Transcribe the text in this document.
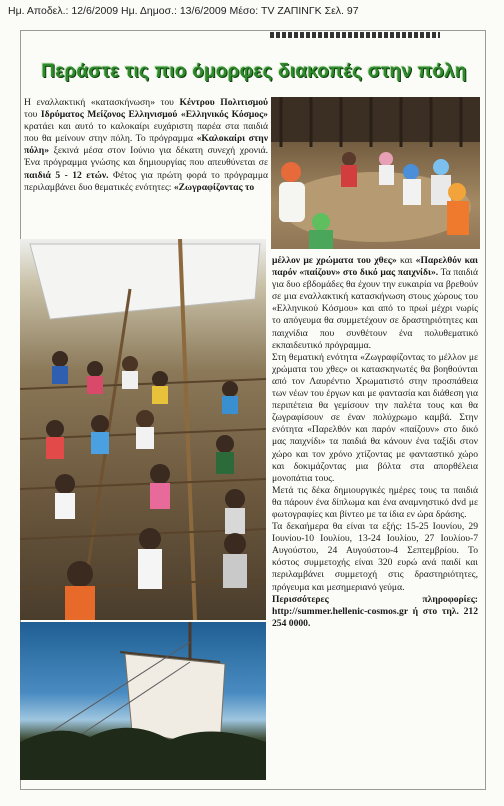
Ημ. Αποδελ.: 12/6/2009 Ημ. Δημοσ.: 13/6/2009 Μέσο: TV ΖΑΠΙΝΓΚ Σελ. 97
Περάστε τις πιο όμορφες διακοπές στην πόλη

Η εναλλακτική «κατασκήνωση» του Κέντρου Πολιτισμού του Ιδρύματος Μείζονος Ελληνισμού «Ελληνικός Κόσμος» κρατάει και αυτό το καλοκαίρι ευχάριστη παρέα στα παιδιά που θα μείνουν στην πόλη. Το πρόγραμμα «Καλοκαίρι στην πόλη» ξεκινά μέσα στον Ιούνιο για δέκατη συνεχή χρονιά. Ένα πρόγραμμα γνώσης και δημιουργίας που απευθύνεται σε παιδιά 5 - 12 ετών. Φέτος για πρώτη φορά το πρόγραμμα περιλαμβάνει δυο θεματικές ενότητες: «Ζωγραφίζοντας το

μέλλον με χρώματα του χθες» και «Παρελθόν και παρόν «παίζουν» στο δικό μας παιχνίδι». Τα παιδιά για δυο εβδομάδες θα έχουν την ευκαιρία να βρεθούν σε μια εναλλακτική κατασκήνωση στους χώρους του «Ελληνικού Κόσμου» και από το πρωί μέχρι νωρίς το απόγευμα θα συμμετέχουν σε δραστηριότητες και παιχνίδια που συνθέτουν ένα πολυθεματικό εκπαιδευτικό πρόγραμμα.
Στη θεματική ενότητα «Ζωγραφίζοντας το μέλλον με χρώματα του χθες» οι κατασκηνωτές θα βοηθούνται από τον Λαυρέντιο Χρωματιστό στην προσπάθεια των νέων του έργων και με φαντασία και διάθεση για περιπέτεια θα γεμίσουν την παλέτα τους και θα ζωγραφίσουν σε έναν πολύχρωμο καμβά. Στην ενότητα «Παρελθόν και παρόν «παίζουν» στο δικό μας παιχνίδι» τα παιδιά θα κάνουν ένα ταξίδι στον χώρο και τον χρόνο χτίζοντας με φανταστικό χώρο και δοκιμάζοντας μια βόλτα στα απορθέλεια μονοπάτια τους.
Μετά τις δέκα δημιουργικές ημέρες τους τα παιδιά θα πάρουν ένα δίπλωμα και ένα αναμνηστικό dvd με φωτογραφίες και βίντεο με τα ίδια εν ώρα δράσης.
Τα δεκαήμερα θα είναι τα εξής: 15-25 Ιουνίου, 29 Ιουνίου-10 Ιουλίου, 13-24 Ιουλίου, 27 Ιουλίου-7 Αυγούστου, 24 Αυγούστου-4 Σεπτεμβρίου. Το κόστος συμμετοχής είναι 320 ευρώ ανά παιδί και περιλαμβάνει συμμετοχή στις δραστηριότητες, πρόγευμα και μεσημεριανό γεύμα.
Περισσότερες πληροφορίες: http://summer.hellenic-cosmos.gr ή στο τηλ. 212 254 0000.
